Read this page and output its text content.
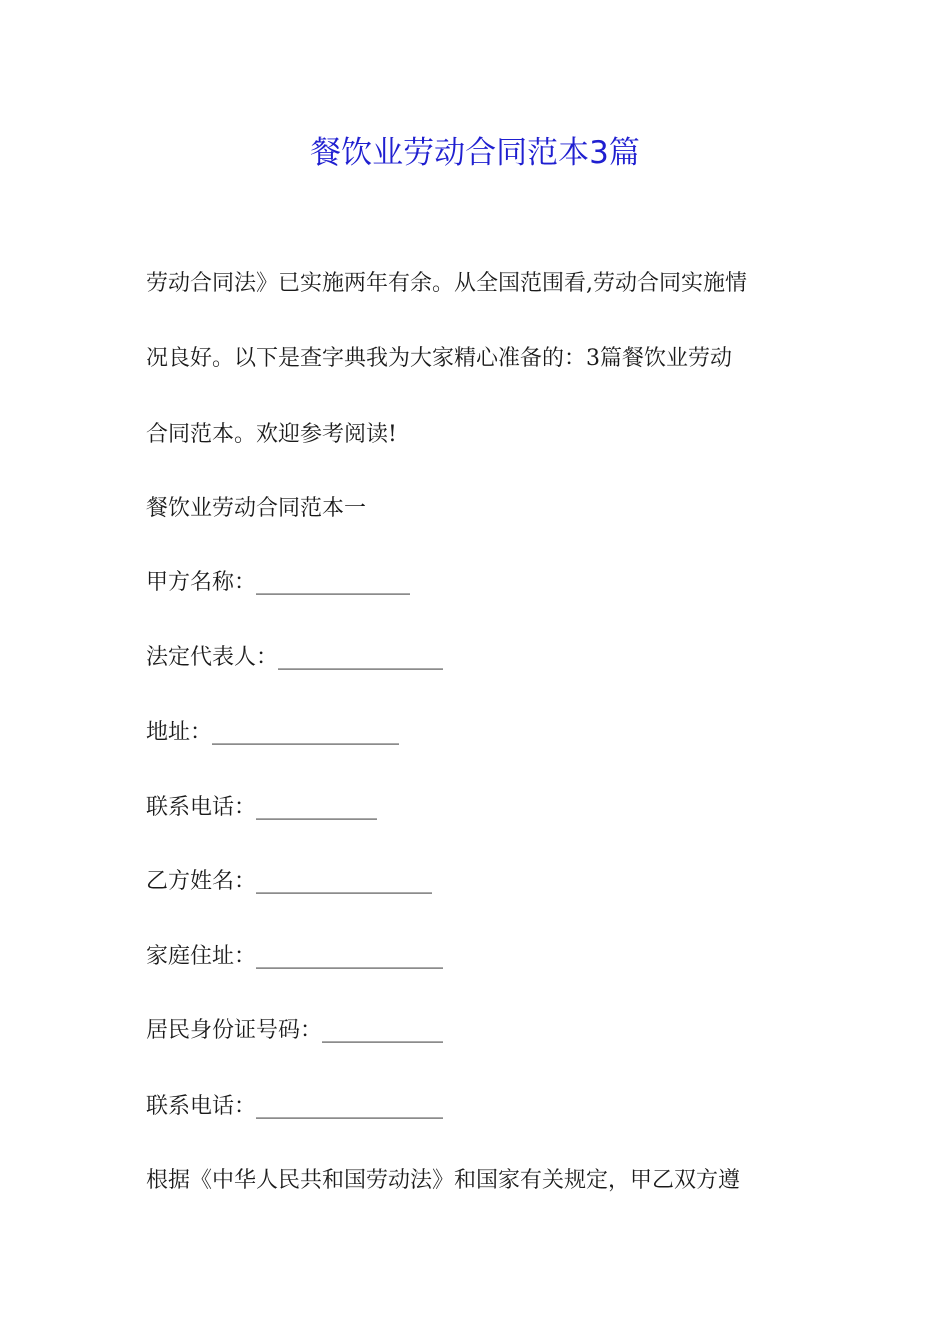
餐饮业劳动合同范本3篇

劳动合同法》已实施两年有余。从全国范围看,劳动合同实施情

况良好。以下是查字典我为大家精心准备的：3篇餐饮业劳动

合同范本。欢迎参考阅读!

餐饮业劳动合同范本一

甲方名称：______________

法定代表人：_______________

地址：_________________

联系电话：___________

乙方姓名：________________

家庭住址：_________________

居民身份证号码：___________

联系电话：_________________

根据《中华人民共和国劳动法》和国家有关规定，甲乙双方遵
